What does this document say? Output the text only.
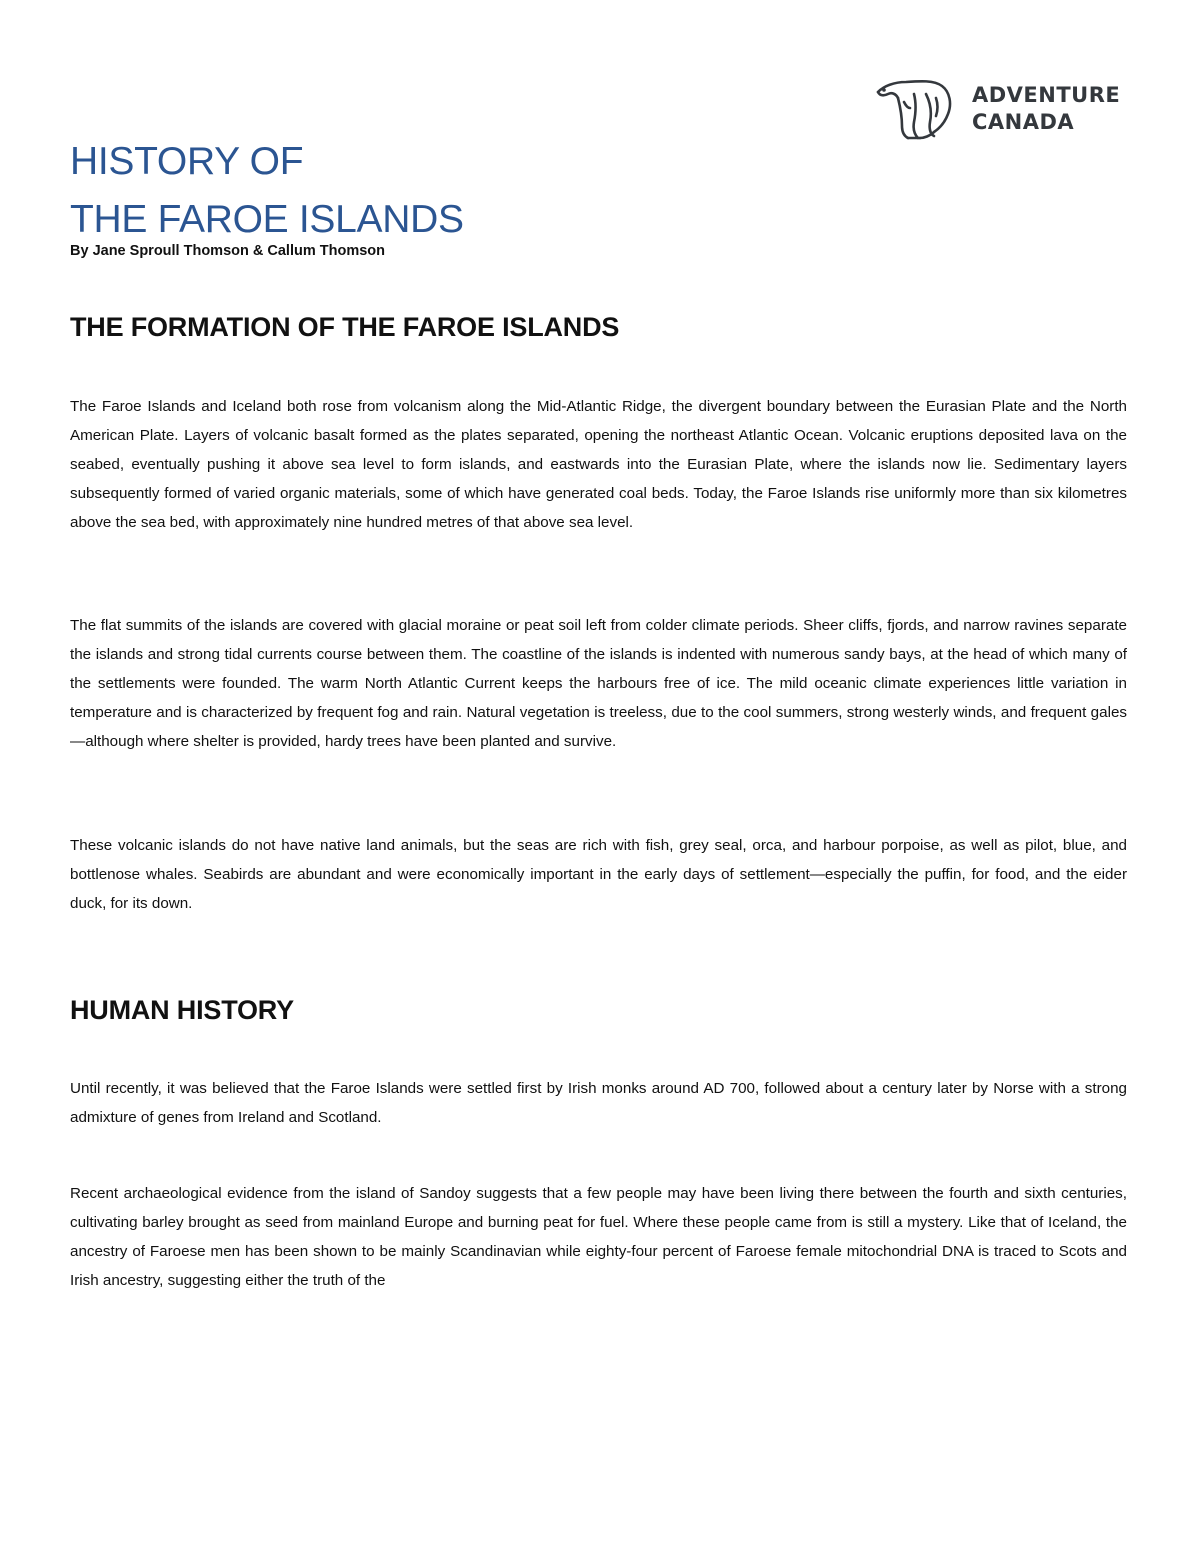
ADVENTURE
CANADA
HISTORY OF
THE FAROE ISLANDS

By Jane Sproull Thomson & Callum Thomson

THE FORMATION OF THE FAROE ISLANDS

The Faroe Islands and Iceland both rose from volcanism along the Mid-Atlantic Ridge, the divergent boundary between the Eurasian Plate and the North American Plate. Layers of volcanic basalt formed as the plates separated, opening the northeast Atlantic Ocean. Volcanic eruptions deposited lava on the seabed, eventually pushing it above sea level to form islands, and eastwards into the Eurasian Plate, where the islands now lie. Sedimentary layers subsequently formed of varied organic materials, some of which have generated coal beds. Today, the Faroe Islands rise uniformly more than six kilometres above the sea bed, with approximately nine hundred metres of that above sea level.

The flat summits of the islands are covered with glacial moraine or peat soil left from colder climate periods. Sheer cliffs, fjords, and narrow ravines separate the islands and strong tidal currents course between them. The coastline of the islands is indented with numerous sandy bays, at the head of which many of the settlements were founded. The warm North Atlantic Current keeps the harbours free of ice. The mild oceanic climate experiences little variation in temperature and is characterized by frequent fog and rain. Natural vegetation is treeless, due to the cool summers, strong westerly winds, and frequent gales—although where shelter is provided, hardy trees have been planted and survive.

These volcanic islands do not have native land animals, but the seas are rich with fish, grey seal, orca, and harbour porpoise, as well as pilot, blue, and bottlenose whales. Seabirds are abundant and were economically important in the early days of settlement—especially the puffin, for food, and the eider duck, for its down.

HUMAN HISTORY

Until recently, it was believed that the Faroe Islands were settled first by Irish monks around AD 700, followed about a century later by Norse with a strong admixture of genes from Ireland and Scotland.

Recent archaeological evidence from the island of Sandoy suggests that a few people may have been living there between the fourth and sixth centuries, cultivating barley brought as seed from mainland Europe and burning peat for fuel. Where these people came from is still a mystery. Like that of Iceland, the ancestry of Faroese men has been shown to be mainly Scandinavian while eighty-four percent of Faroese female mitochondrial DNA is traced to Scots and Irish ancestry, suggesting either the truth of the
